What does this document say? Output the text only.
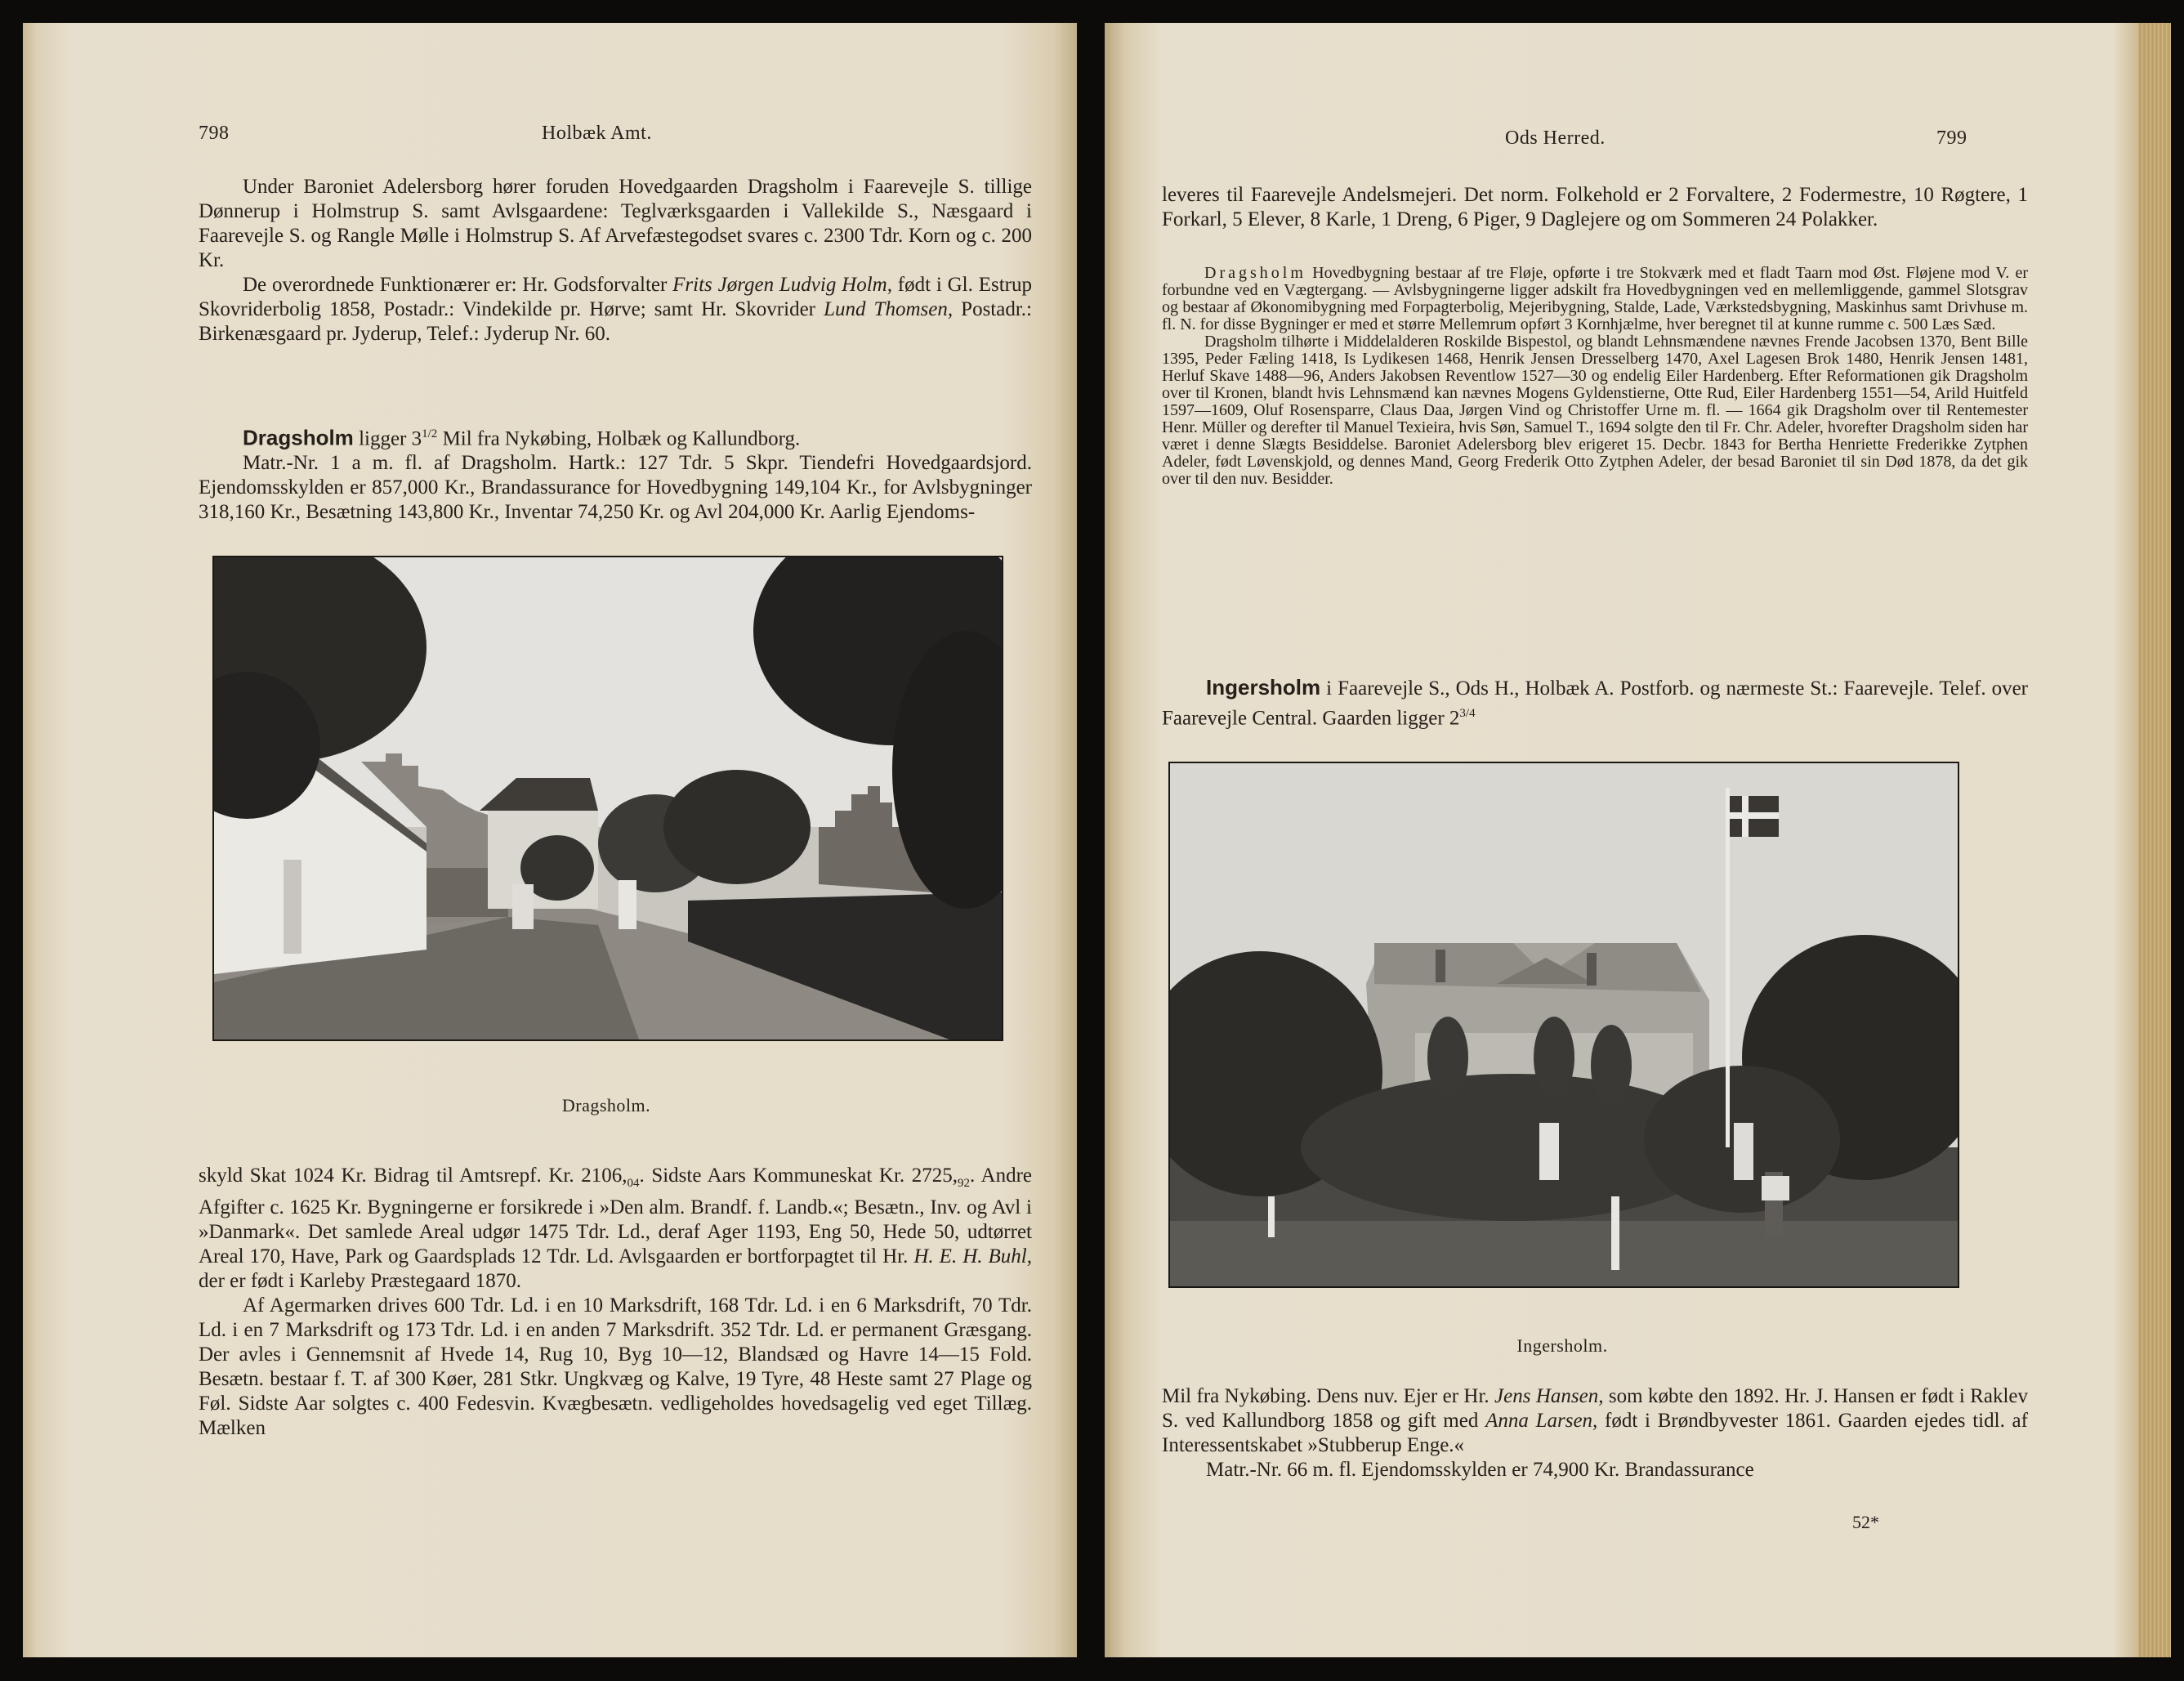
798	Holbæk Amt.

Under Baroniet Adelersborg hører foruden Hovedgaarden Dragsholm i Faarevejle S. tillige Dønnerup i Holmstrup S. samt Avlsgaardene: Teglværksgaarden i Vallekilde S., Næsgaard i Faarevejle S. og Rangle Mølle i Holmstrup S. Af Arvefæstegodset svares c. 2300 Tdr. Korn og c. 200 Kr.

De overordnede Funktionærer er: Hr. Godsforvalter Frits Jørgen Ludvig Holm, født i Gl. Estrup Skovriderbolig 1858, Postadr.: Vindekilde pr. Hørve; samt Hr. Skovrider Lund Thomsen, Postadr.: Birkenæsgaard pr. Jyderup, Telef.: Jyderup Nr. 60.

Dragsholm ligger $3^{1/2}$ Mil fra Nykøbing, Holbæk og Kallundborg.

Matr.-Nr. 1 a m. fl. af Dragsholm. Hartk.: 127 Tdr. 5 Skpr. Tiendefri Hovedgaardsjord. Ejendomsskylden er 857,000 Kr., Brandassurance for Hovedbygning 149,104 Kr., for Avlsbygninger 318,160 Kr., Besætning 143,800 Kr., Inventar 74,250 Kr. og Avl 204,000 Kr. Aarlig Ejendoms-

Dragsholm.

skyld Skat 1024 Kr. Bidrag til Amtsrepf. Kr. $2106,_{04}$. Sidste Aars Kommuneskat Kr. $2725,_{92}$. Andre Afgifter c. 1625 Kr. Bygningerne er forsikrede i »Den alm. Brandf. f. Landb.«; Besætn., Inv. og Avl i »Danmark«. Det samlede Areal udgør 1475 Tdr. Ld., deraf Ager 1193, Eng 50, Hede 50, udtørret Areal 170, Have, Park og Gaardsplads 12 Tdr. Ld. Avlsgaarden er bortforpagtet til Hr. H. E. H. Buhl, der er født i Karleby Præstegaard 1870.

Af Agermarken drives 600 Tdr. Ld. i en 10 Marksdrift, 168 Tdr. Ld. i en 6 Marksdrift, 70 Tdr. Ld. i en 7 Marksdrift og 173 Tdr. Ld. i en anden 7 Marksdrift. 352 Tdr. Ld. er permanent Græsgang. Der avles i Gennemsnit af Hvede 14, Rug 10, Byg 10—12, Blandsæd og Havre 14—15 Fold. Besætn. bestaar f. T. af 300 Køer, 281 Stkr. Ungkvæg og Kalve, 19 Tyre, 48 Heste samt 27 Plage og Føl. Sidste Aar solgtes c. 400 Fedesvin. Kvægbesætn. vedligeholdes hovedsagelig ved eget Tillæg. Mælken

Ods Herred.	799

leveres til Faarevejle Andelsmejeri. Det norm. Folkehold er 2 Forvaltere, 2 Fodermestre, 10 Røgtere, 1 Forkarl, 5 Elever, 8 Karle, 1 Dreng, 6 Piger, 9 Daglejere og om Sommeren 24 Polakker.

Dragsholm Hovedbygning bestaar af tre Fløje, opførte i tre Stokværk med et fladt Taarn mod Øst. Fløjene mod V. er forbundne ved en Vægtergang. — Avlsbygningerne ligger adskilt fra Hovedbygningen ved en mellemliggende, gammel Slotsgrav og bestaar af Økonomibygning med Forpagterbolig, Mejeribygning, Stalde, Lade, Værkstedsbygning, Maskinhus samt Drivhuse m. fl. N. for disse Bygninger er med et større Mellemrum opført 3 Kornhjælme, hver beregnet til at kunne rumme c. 500 Læs Sæd.

Dragsholm tilhørte i Middelalderen Roskilde Bispestol, og blandt Lehnsmændene nævnes Frende Jacobsen 1370, Bent Bille 1395, Peder Fæling 1418, Is Lydikesen 1468, Henrik Jensen Dresselberg 1470, Axel Lagesen Brok 1480, Henrik Jensen 1481, Herluf Skave 1488—96, Anders Jakobsen Reventlow 1527—30 og endelig Eiler Hardenberg. Efter Reformationen gik Dragsholm over til Kronen, blandt hvis Lehnsmænd kan nævnes Mogens Gyldenstierne, Otte Rud, Eiler Hardenberg 1551—54, Arild Huitfeld 1597—1609, Oluf Rosensparre, Claus Daa, Jørgen Vind og Christoffer Urne m. fl. — 1664 gik Dragsholm over til Rentemester Henr. Müller og derefter til Manuel Texieira, hvis Søn, Samuel T., 1694 solgte den til Fr. Chr. Adeler, hvorefter Dragsholm siden har været i denne Slægts Besiddelse. Baroniet Adelersborg blev erigeret 15. Decbr. 1843 for Bertha Henriette Frederikke Zytphen Adeler, født Løvenskjold, og dennes Mand, Georg Frederik Otto Zytphen Adeler, der besad Baroniet til sin Død 1878, da det gik over til den nuv. Besidder.

Ingersholm i Faarevejle S., Ods H., Holbæk A. Postforb. og nærmeste St.: Faarevejle. Telef. over Faarevejle Central. Gaarden ligger $2^{3/4}$

Ingersholm.

Mil fra Nykøbing. Dens nuv. Ejer er Hr. Jens Hansen, som købte den 1892. Hr. J. Hansen er født i Raklev S. ved Kallundborg 1858 og gift med Anna Larsen, født i Brøndbyvester 1861. Gaarden ejedes tidl. af Interessentskabet »Stubberup Enge.«

Matr.-Nr. 66 m. fl. Ejendomsskylden er 74,900 Kr. Brandassurance

52*
